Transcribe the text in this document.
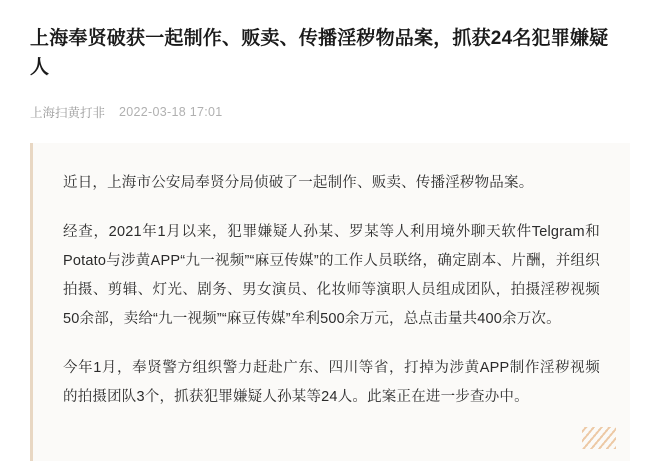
上海奉贤破获一起制作、贩卖、传播淫秽物品案，抓获24名犯罪嫌疑人
上海扫黄打非 2022-03-18 17:01

近日，上海市公安局奉贤分局侦破了一起制作、贩卖、传播淫秽物品案。

经查，2021年1月以来，犯罪嫌疑人孙某、罗某等人利用境外聊天软件Telgram和Potato与涉黄APP“九一视频”“麻豆传媒”的工作人员联络，确定剧本、片酬，并组织拍摄、剪辑、灯光、剧务、男女演员、化妆师等演职人员组成团队，拍摄淫秽视频50余部，卖给“九一视频”“麻豆传媒”牟利500余万元，总点击量共400余万次。

今年1月，奉贤警方组织警力赶赴广东、四川等省，打掉为涉黄APP制作淫秽视频的拍摄团队3个，抓获犯罪嫌疑人孙某等24人。此案正在进一步查办中。
